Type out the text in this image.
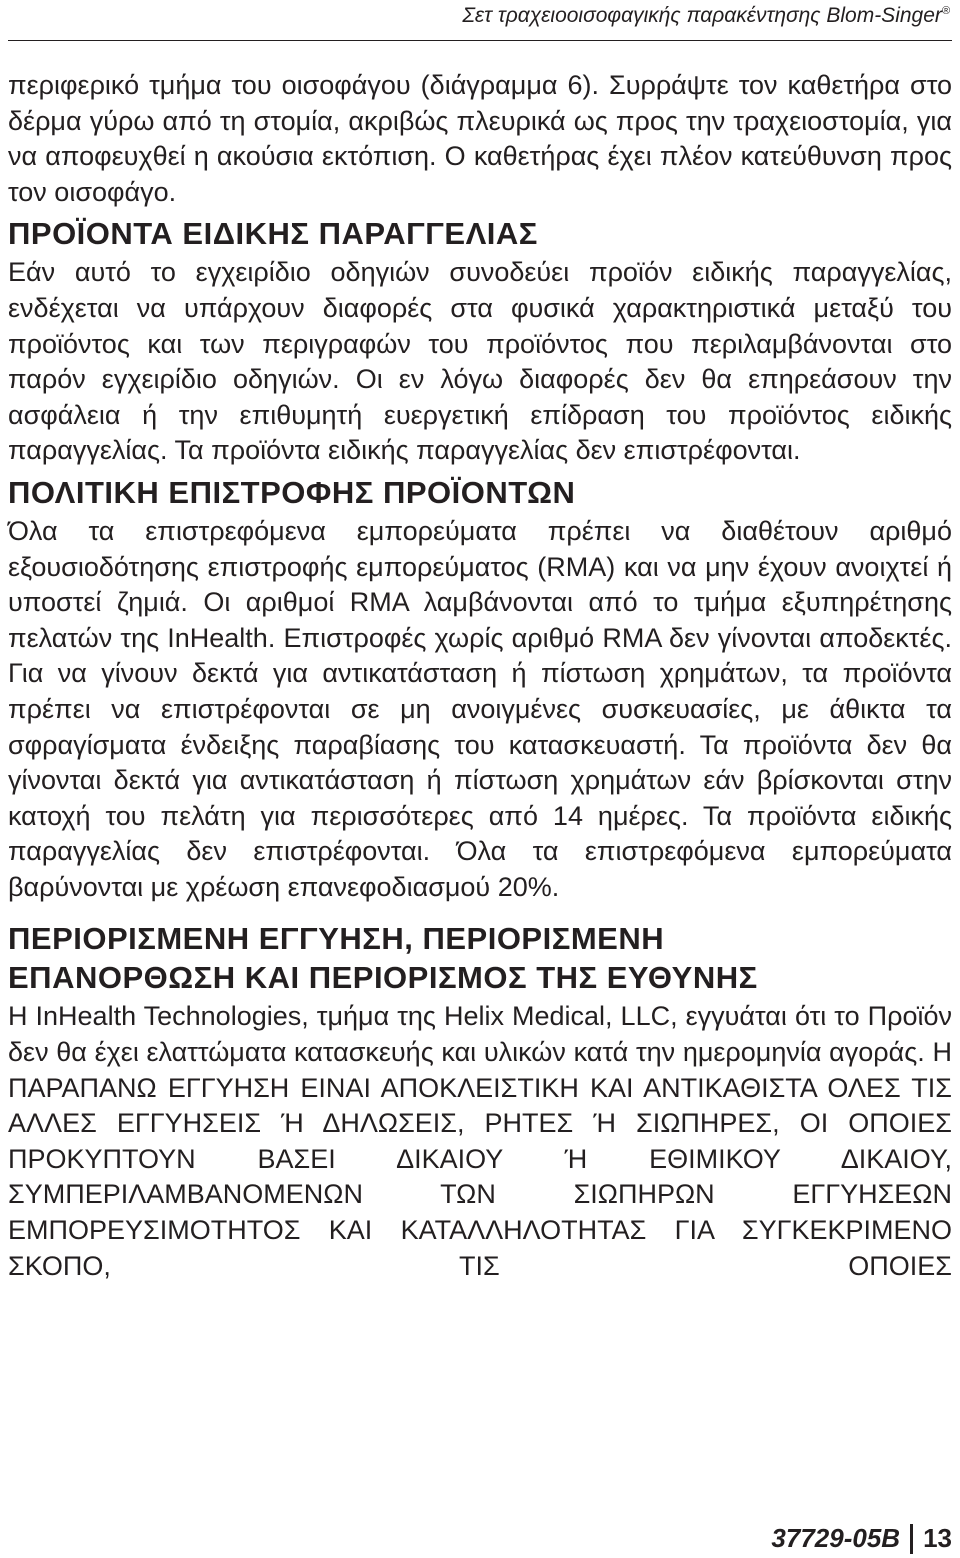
Σετ τραχειοοισοφαγικής παρακέντησης Blom-Singer®

περιφερικό τμήμα του οισοφάγου (διάγραμμα 6). Συρράψτε τον καθετήρα στο δέρμα γύρω από τη στομία, ακριβώς πλευρικά ως προς την τραχειοστομία, για να αποφευχθεί η ακούσια εκτόπιση. Ο καθετήρας έχει πλέον κατεύθυνση προς τον οισοφάγο.

ΠΡΟΪΟΝΤΑ ΕΙΔΙΚΗΣ ΠΑΡΑΓΓΕΛΙΑΣ

Εάν αυτό το εγχειρίδιο οδηγιών συνοδεύει προϊόν ειδικής παραγγελίας, ενδέχεται να υπάρχουν διαφορές στα φυσικά χαρακτηριστικά μεταξύ του προϊόντος και των περιγραφών του προϊόντος που περιλαμβάνονται στο παρόν εγχειρίδιο οδηγιών. Οι εν λόγω διαφορές δεν θα επηρεάσουν την ασφάλεια ή την επιθυμητή ευεργετική επίδραση του προϊόντος ειδικής παραγγελίας. Τα προϊόντα ειδικής παραγγελίας δεν επιστρέφονται.

ΠΟΛΙΤΙΚΗ ΕΠΙΣΤΡΟΦΗΣ ΠΡΟΪΟΝΤΩΝ

Όλα τα επιστρεφόμενα εμπορεύματα πρέπει να διαθέτουν αριθμό εξουσιοδότησης επιστροφής εμπορεύματος (RMA) και να μην έχουν ανοιχτεί ή υποστεί ζημιά. Οι αριθμοί RMA λαμβάνονται από το τμήμα εξυπηρέτησης πελατών της InHealth. Επιστροφές χωρίς αριθμό RMA δεν γίνονται αποδεκτές. Για να γίνουν δεκτά για αντικατάσταση ή πίστωση χρημάτων, τα προϊόντα πρέπει να επιστρέφονται σε μη ανοιγμένες συσκευασίες, με άθικτα τα σφραγίσματα ένδειξης παραβίασης του κατασκευαστή. Τα προϊόντα δεν θα γίνονται δεκτά για αντικατάσταση ή πίστωση χρημάτων εάν βρίσκονται στην κατοχή του πελάτη για περισσότερες από 14 ημέρες. Τα προϊόντα ειδικής παραγγελίας δεν επιστρέφονται. Όλα τα επιστρεφόμενα εμπορεύματα βαρύνονται με χρέωση επανεφοδιασμού 20%.

ΠΕΡΙΟΡΙΣΜΕΝΗ ΕΓΓΥΗΣΗ, ΠΕΡΙΟΡΙΣΜΕΝΗ
ΕΠΑΝΟΡΘΩΣΗ ΚΑΙ ΠΕΡΙΟΡΙΣΜΟΣ ΤΗΣ ΕΥΘΥΝΗΣ

Η InHealth Technologies, τμήμα της Helix Medical, LLC, εγγυάται ότι το Προϊόν δεν θα έχει ελαττώματα κατασκευής και υλικών κατά την ημερομηνία αγοράς. Η ΠΑΡΑΠΑΝΩ ΕΓΓΥΗΣΗ ΕΙΝΑΙ ΑΠΟΚΛΕΙΣΤΙΚΗ ΚΑΙ ΑΝΤΙΚΑΘΙΣΤΑ ΟΛΕΣ ΤΙΣ ΑΛΛΕΣ ΕΓΓΥΗΣΕΙΣ Ή ΔΗΛΩΣΕΙΣ, ΡΗΤΕΣ Ή ΣΙΩΠΗΡΕΣ, ΟΙ ΟΠΟΙΕΣ ΠΡΟΚΥΠΤΟΥΝ ΒΑΣΕΙ ΔΙΚΑΙΟΥ Ή ΕΘΙΜΙΚΟΥ ΔΙΚΑΙΟΥ, ΣΥΜΠΕΡΙΛΑΜΒΑΝΟΜΕΝΩΝ ΤΩΝ ΣΙΩΠΗΡΩΝ ΕΓΓΥΗΣΕΩΝ ΕΜΠΟΡΕΥΣΙΜΟΤΗΤΟΣ ΚΑΙ ΚΑΤΑΛΛΗΛΟΤΗΤΑΣ ΓΙΑ ΣΥΓΚΕΚΡΙΜΕΝΟ ΣΚΟΠΟ, ΤΙΣ ΟΠΟΙΕΣ

37729-05B 13
